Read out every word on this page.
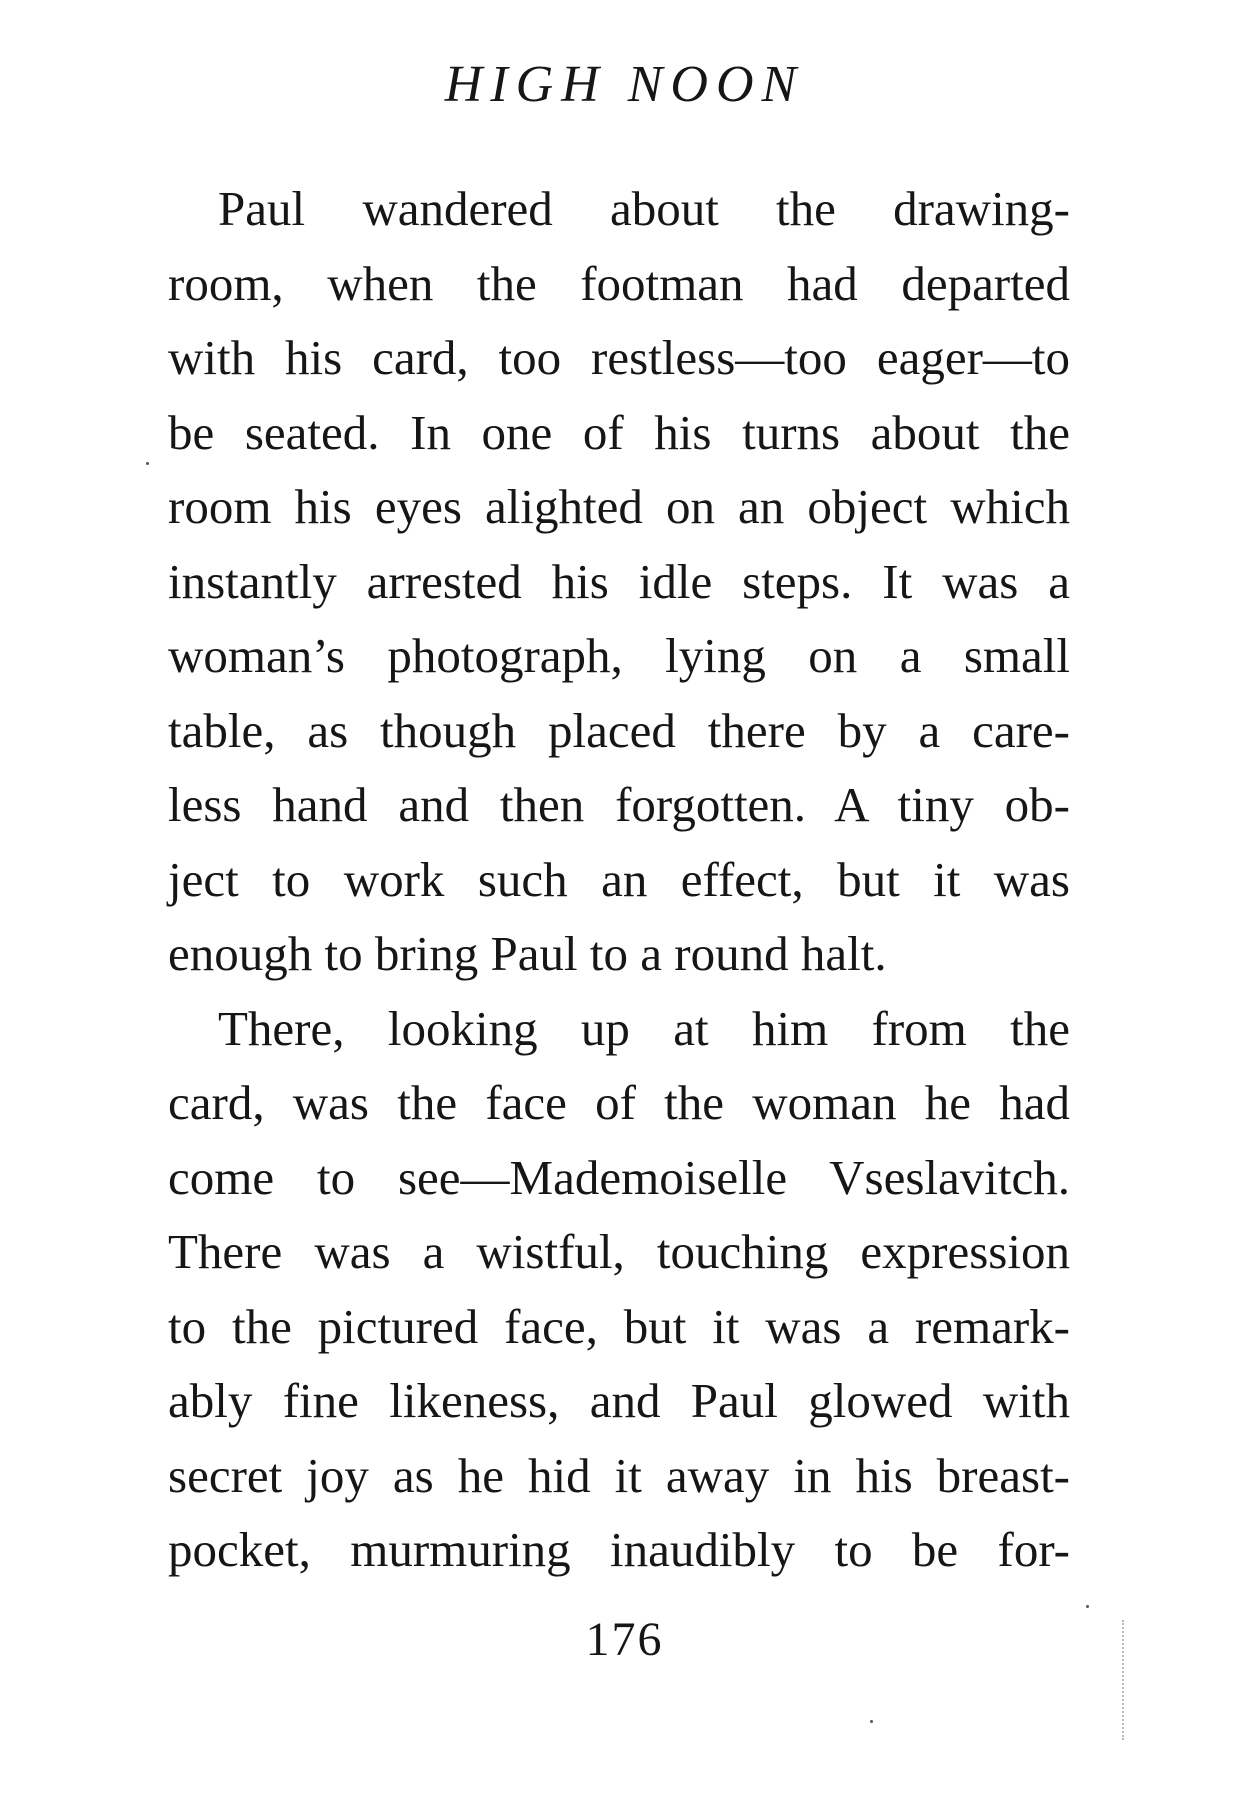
HIGH NOON
Paul wandered about the drawing-
room, when the footman had departed
with his card, too restless—too eager—to
be seated. In one of his turns about the
room his eyes alighted on an object which
instantly arrested his idle steps. It was a
woman’s photograph, lying on a small
table, as though placed there by a care-
less hand and then forgotten. A tiny ob-
ject to work such an effect, but it was
enough to bring Paul to a round halt.
There, looking up at him from the
card, was the face of the woman he had
come to see—Mademoiselle Vseslavitch.
There was a wistful, touching expression
to the pictured face, but it was a remark-
ably fine likeness, and Paul glowed with
secret joy as he hid it away in his breast-
pocket, murmuring inaudibly to be for-
176
